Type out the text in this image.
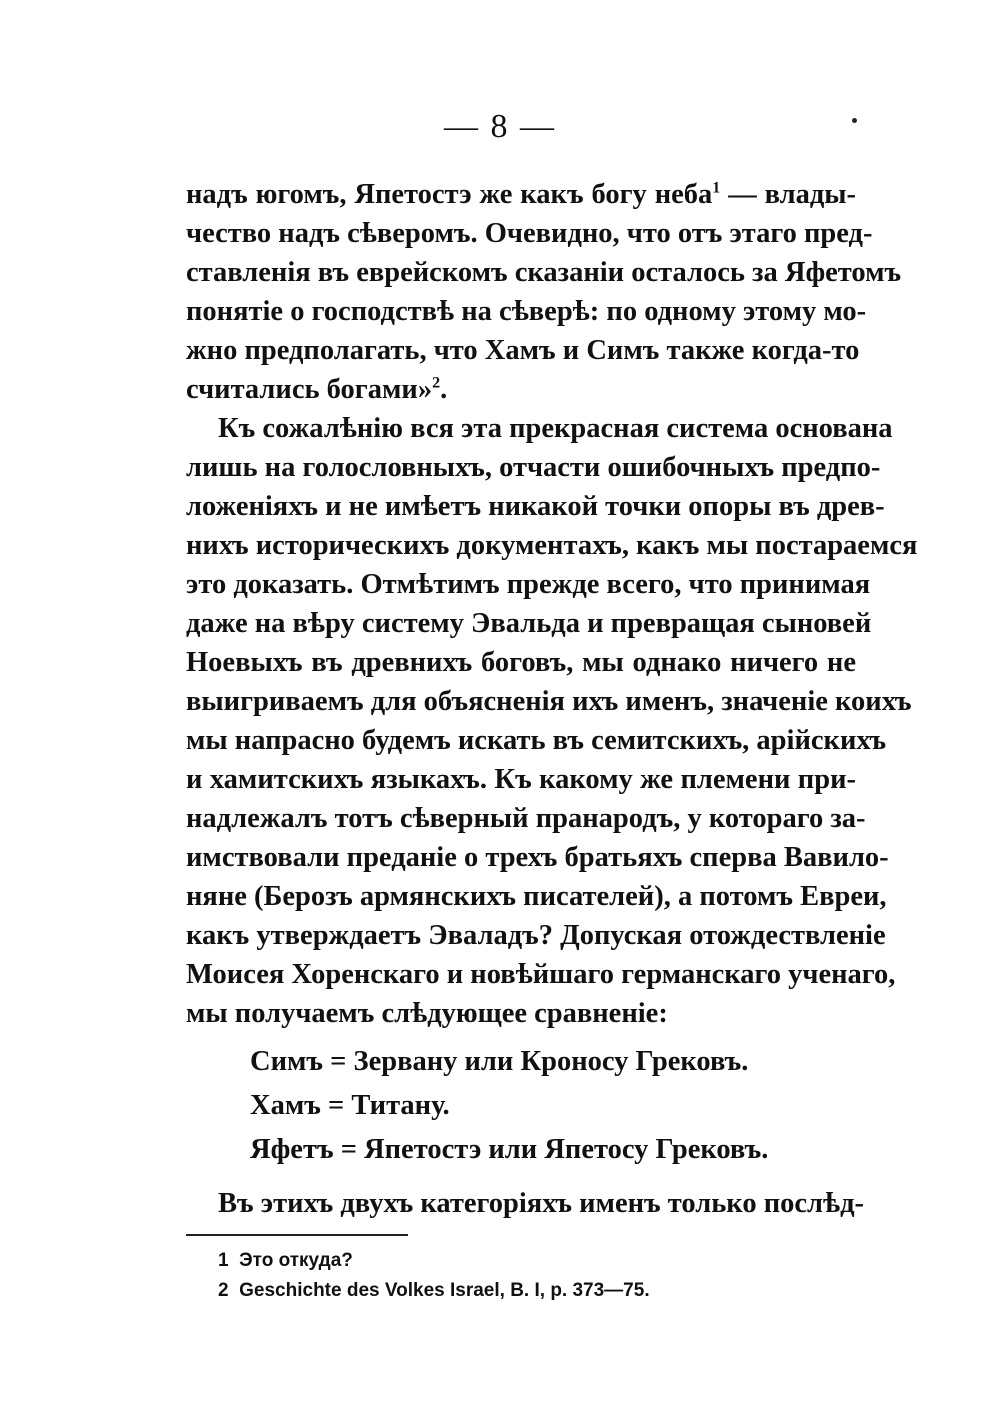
— 8 —
надъ югомъ, Япетостэ же какъ богу неба$^1$ — влады-
чество надъ сѣверомъ. Очевидно, что отъ этаго пред-
ставленія въ еврейскомъ сказаніи осталось за Яфетомъ
понятіе о господствѣ на сѣверѣ: по одному этому мо-
жно предполагать, что Хамъ и Симъ также когда-то
считались богами»$^2$.
Къ сожалѣнію вся эта прекрасная система основана
лишь на голословныхъ, отчасти ошибочныхъ предпо-
ложеніяхъ и не имѣетъ никакой точки опоры въ древ-
нихъ историческихъ документахъ, какъ мы постараемся
это доказать. Отмѣтимъ прежде всего, что принимая
даже на вѣру систему Эвальда и превращая сыновей
Ноевыхъ въ древнихъ боговъ, мы однако ничего не
выигриваемъ для объясненія ихъ именъ, значеніе коихъ
мы напрасно будемъ искать въ семитскихъ, арійскихъ
и хамитскихъ языкахъ. Къ какому же племени при-
надлежалъ тотъ сѣверный пранародъ, у котораго за-
имствовали преданіе о трехъ братьяхъ сперва Вавило-
няне (Берозъ армянскихъ писателей), а потомъ Евреи,
какъ утверждаетъ Эваладъ? Допуская отождествленіе
Моисея Хоренскаго и новѣйшаго германскаго ученаго,
мы получаемъ слѣдующее сравненіе:
Симъ = Зервану или Кроносу Грековъ.
Хамъ = Титану.
Яфетъ = Япетостэ или Япетосу Грековъ.
Въ этихъ двухъ категоріяхъ именъ только послѣд-
1 Это откуда?
2 Geschichte des Volkes Israel, B. I, p. 373—75.
